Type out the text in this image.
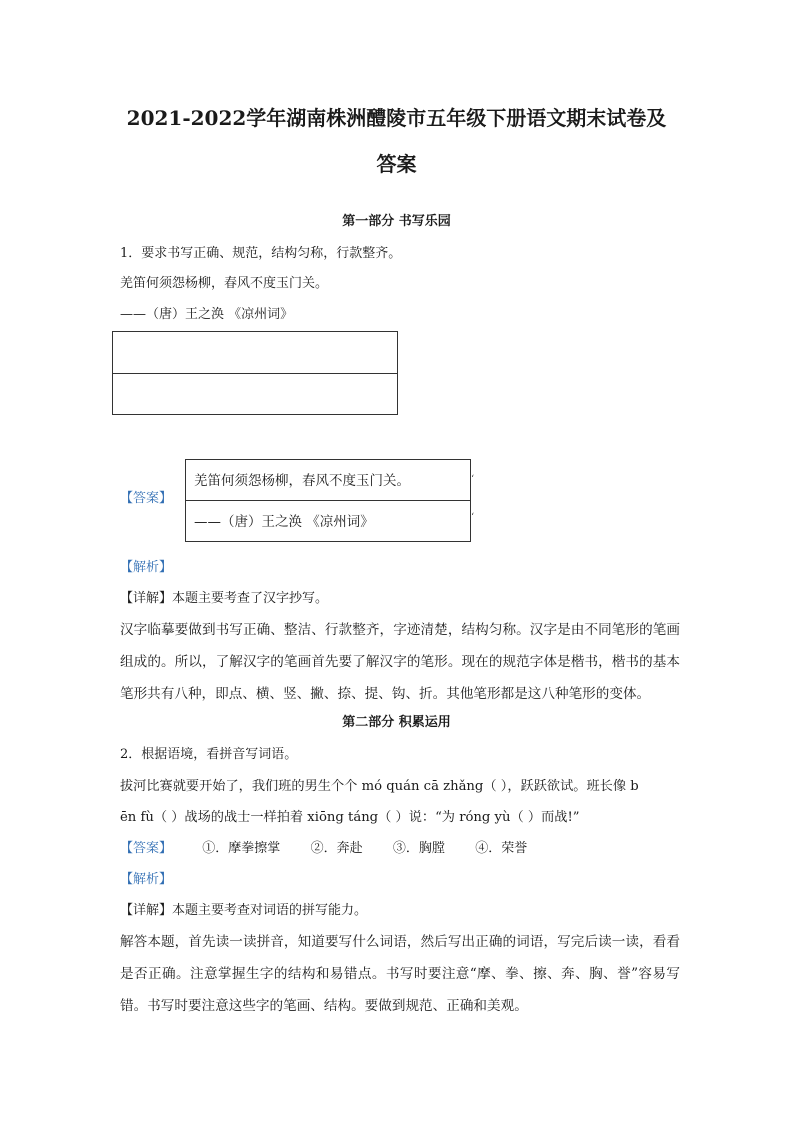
2021-2022学年湖南株洲醴陵市五年级下册语文期末试卷及
答案
第一部分 书写乐园
1．要求书写正确、规范，结构匀称，行款整齐。
羌笛何须怨杨柳，春风不度玉门关。
——（唐）王之涣 《凉州词》
【答案】
羌笛何须怨杨柳，春风不度玉门关。
——（唐）王之涣 《凉州词》
‘
‘
【解析】
【详解】本题主要考查了汉字抄写。
汉字临摹要做到书写正确、整洁、行款整齐，字迹清楚，结构匀称。汉字是由不同笔形的笔画组成的。所以，了解汉字的笔画首先要了解汉字的笔形。现在的规范字体是楷书，楷书的基本笔形共有八种，即点、横、竖、撇、捺、提、钩、折。其他笔形都是这八种笔形的变体。
第二部分 积累运用
2．根据语境，看拼音写词语。
拔河比赛就要开始了，我们班的男生个个 mó quán cā zhǎng（ ），跃跃欲试。班长像 b
ēn fù（ ）战场的战士一样拍着 xiōng táng（ ）说：“为 róng yù（ ）而战!”
【答案】 ①．摩拳擦掌 ②．奔赴 ③．胸膛 ④．荣誉
【解析】
【详解】本题主要考查对词语的拼写能力。
解答本题，首先读一读拼音，知道要写什么词语，然后写出正确的词语，写完后读一读，看看是否正确。注意掌握生字的结构和易错点。书写时要注意“摩、拳、擦、奔、胸、誉”容易写错。书写时要注意这些字的笔画、结构。要做到规范、正确和美观。
